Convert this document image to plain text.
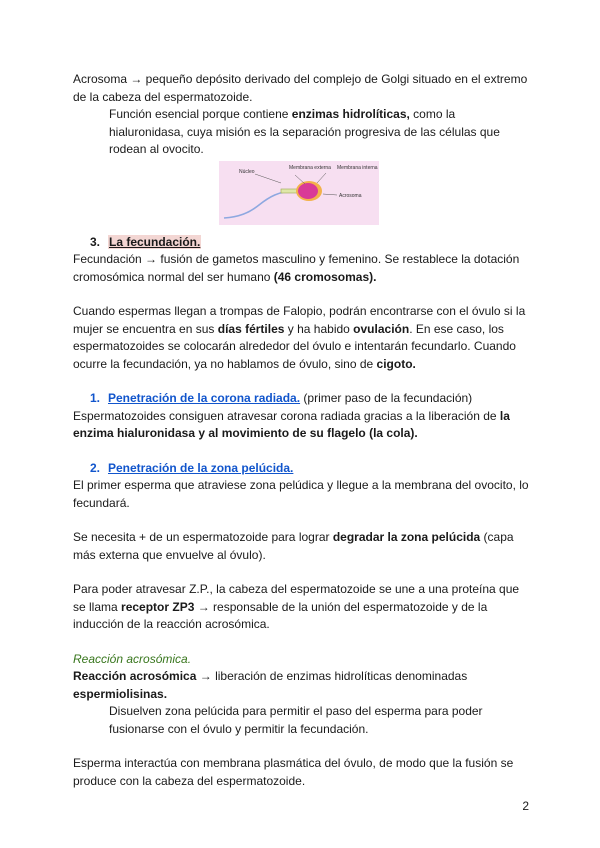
Acrosoma → pequeño depósito derivado del complejo de Golgi situado en el extremo de la cabeza del espermatozoide.

Función esencial porque contiene enzimas hidrolíticas, como la hialuronidasa, cuya misión es la separación progresiva de las células que rodean al ovocito.

Núcleo
Membrana externa Membrana interna
Acrosoma

3. La fecundación.

Fecundación → fusión de gametos masculino y femenino. Se restablece la dotación cromosómica normal del ser humano (46 cromosomas).

Cuando espermas llegan a trompas de Falopio, podrán encontrarse con el óvulo si la mujer se encuentra en sus días fértiles y ha habido ovulación. En ese caso, los espermatozoides se colocarán alrededor del óvulo e intentarán fecundarlo. Cuando ocurre la fecundación, ya no hablamos de óvulo, sino de cigoto.

1. Penetración de la corona radiada. (primer paso de la fecundación)

Espermatozoides consiguen atravesar corona radiada gracias a la liberación de la enzima hialuronidasa y al movimiento de su flagelo (la cola).

2. Penetración de la zona pelúcida.

El primer esperma que atraviese zona pelúdica y llegue a la membrana del ovocito, lo fecundará.

Se necesita + de un espermatozoide para lograr degradar la zona pelúcida (capa más externa que envuelve al óvulo).

Para poder atravesar Z.P., la cabeza del espermatozoide se une a una proteína que se llama receptor ZP3 → responsable de la unión del espermatozoide y de la inducción de la reacción acrosómica.

Reacción acrosómica.

Reacción acrosómica → liberación de enzimas hidrolíticas denominadas espermiolisinas.

Disuelven zona pelúcida para permitir el paso del esperma para poder fusionarse con el óvulo y permitir la fecundación.

Esperma interactúa con membrana plasmática del óvulo, de modo que la fusión se produce con la cabeza del espermatozoide.

2
